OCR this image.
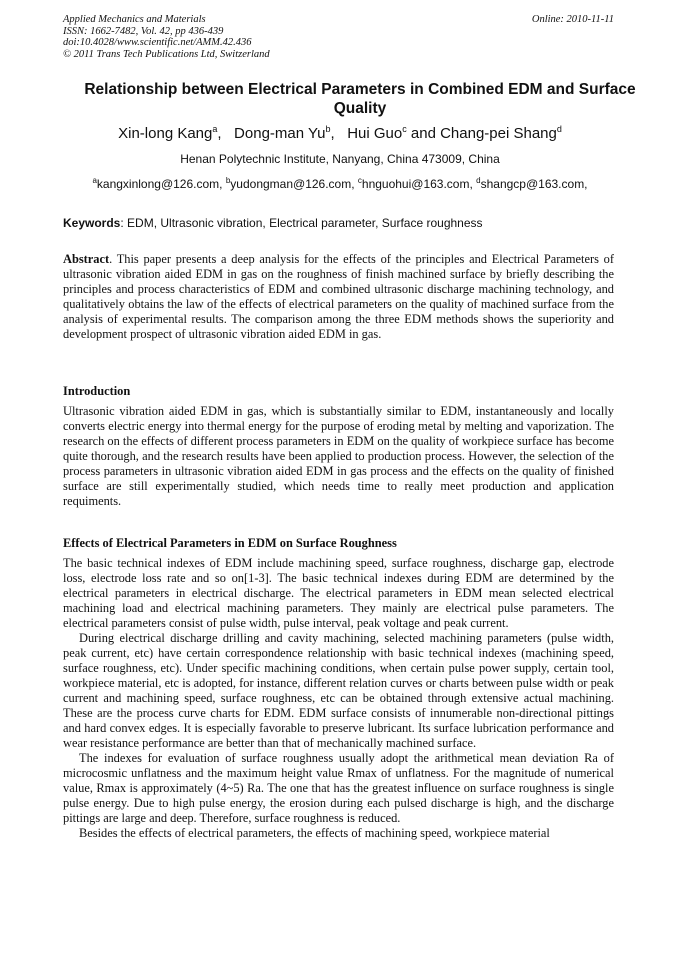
Applied Mechanics and Materials
ISSN: 1662-7482, Vol. 42, pp 436-439
doi:10.4028/www.scientific.net/AMM.42.436
© 2011 Trans Tech Publications Ltd, Switzerland
Online: 2010-11-11
Relationship between Electrical Parameters in Combined EDM and Surface Quality
Xin-long Kang$^a$,   Dong-man Yu$^b$,   Hui Guo$^c$ and Chang-pei Shang$^d$
Henan Polytechnic Institute, Nanyang, China 473009, China
$^a$kangxinlong@126.com, $^b$yudongman@126.com, $^c$hnguohui@163.com, $^d$shangcp@163.com,
Keywords: EDM, Ultrasonic vibration, Electrical parameter, Surface roughness

Abstract. This paper presents a deep analysis for the effects of the principles and Electrical Parameters of ultrasonic vibration aided EDM in gas on the roughness of finish machined surface by briefly describing the principles and process characteristics of EDM and combined ultrasonic discharge machining technology, and qualitatively obtains the law of the effects of electrical parameters on the quality of machined surface from the analysis of experimental results. The comparison among the three EDM methods shows the superiority and development prospect of ultrasonic vibration aided EDM in gas.

Introduction

Ultrasonic vibration aided EDM in gas, which is substantially similar to EDM, instantaneously and locally converts electric energy into thermal energy for the purpose of eroding metal by melting and vaporization. The research on the effects of different process parameters in EDM on the quality of workpiece surface has become quite thorough, and the research results have been applied to production process. However, the selection of the process parameters in ultrasonic vibration aided EDM in gas process and the effects on the quality of finished surface are still experimentally studied, which needs time to really meet production and application requiments.

Effects of Electrical Parameters in EDM on Surface Roughness

The basic technical indexes of EDM include machining speed, surface roughness, discharge gap, electrode loss, electrode loss rate and so on[1-3]. The basic technical indexes during EDM are determined by the electrical parameters in electrical discharge. The electrical parameters in EDM mean selected electrical machining load and electrical machining parameters. They mainly are electrical pulse parameters. The electrical parameters consist of pulse width, pulse interval, peak voltage and peak current.

During electrical discharge drilling and cavity machining, selected machining parameters (pulse width, peak current, etc) have certain correspondence relationship with basic technical indexes (machining speed, surface roughness, etc). Under specific machining conditions, when certain pulse power supply, certain tool, workpiece material, etc is adopted, for instance, different relation curves or charts between pulse width or peak current and machining speed, surface roughness, etc can be obtained through extensive actual machining. These are the process curve charts for EDM. EDM surface consists of innumerable non-directional pittings and hard convex edges. It is especially favorable to preserve lubricant. Its surface lubrication performance and wear resistance performance are better than that of mechanically machined surface.

The indexes for evaluation of surface roughness usually adopt the arithmetical mean deviation Ra of microcosmic unflatness and the maximum height value Rmax of unflatness. For the magnitude of numerical value, Rmax is approximately (4~5) Ra. The one that has the greatest influence on surface roughness is single pulse energy. Due to high pulse energy, the erosion during each pulsed discharge is high, and the discharge pittings are large and deep. Therefore, surface roughness is reduced.

Besides the effects of electrical parameters, the effects of machining speed, workpiece material
